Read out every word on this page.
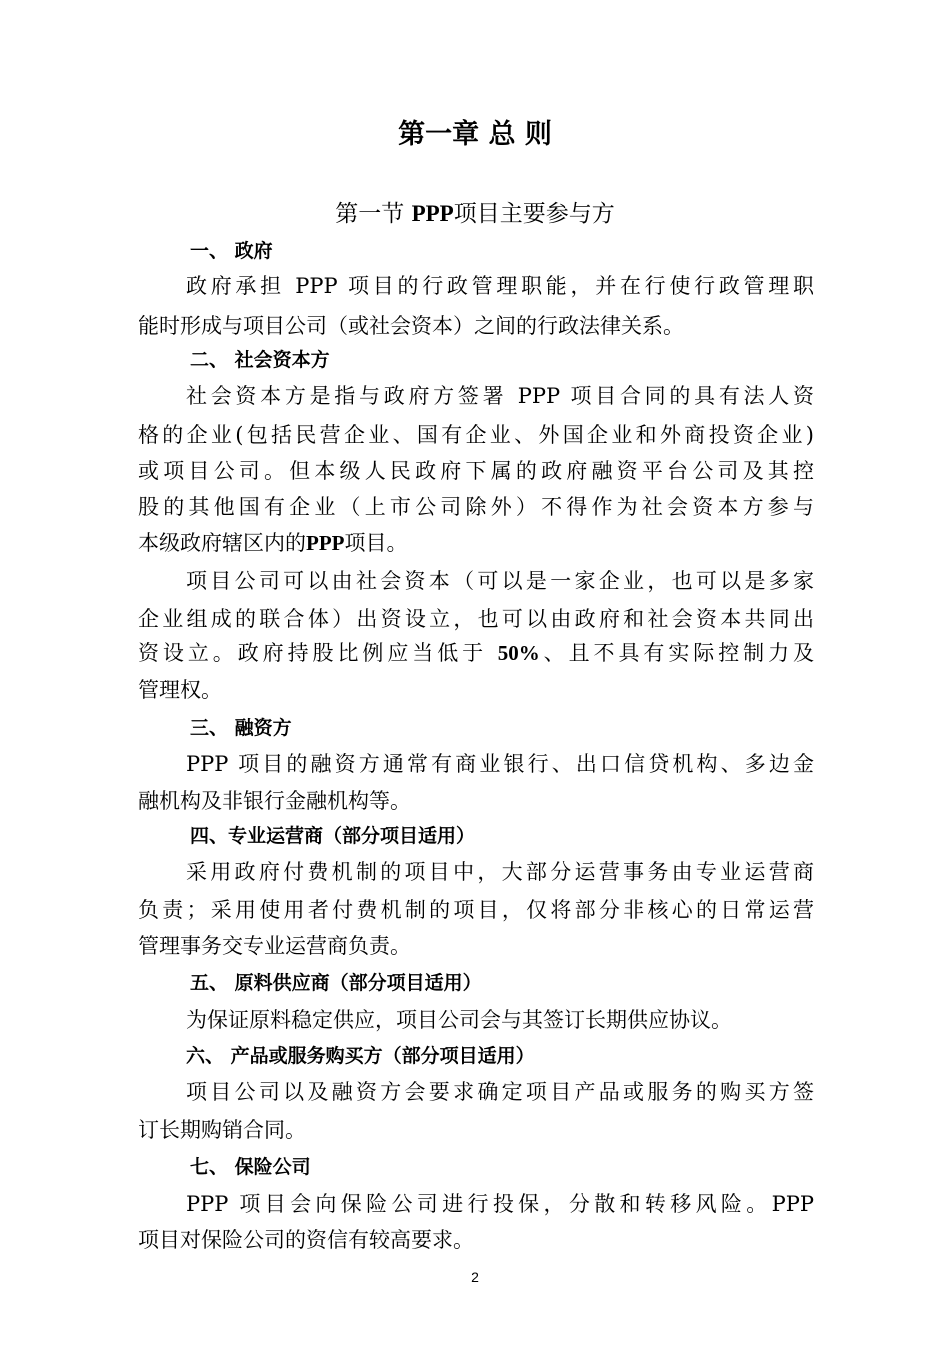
第一章 总 则
第一节 PPP项目主要参与方
一、 政府
政府承担 PPP 项目的行政管理职能，并在行使行政管理职
能时形成与项目公司（或社会资本）之间的行政法律关系。
二、 社会资本方
社会资本方是指与政府方签署 PPP 项目合同的具有法人资
格的企业(包括民营企业、国有企业、外国企业和外商投资企业)
或项目公司。但本级人民政府下属的政府融资平台公司及其控
股的其他国有企业（上市公司除外）不得作为社会资本方参与
本级政府辖区内的PPP项目。
项目公司可以由社会资本（可以是一家企业，也可以是多家
企业组成的联合体）出资设立，也可以由政府和社会资本共同出
资设立。政府持股比例应当低于 50%、且不具有实际控制力及
管理权。
三、 融资方
PPP 项目的融资方通常有商业银行、出口信贷机构、多边金
融机构及非银行金融机构等。
四、专业运营商（部分项目适用）
采用政府付费机制的项目中，大部分运营事务由专业运营商
负责；采用使用者付费机制的项目，仅将部分非核心的日常运营
管理事务交专业运营商负责。
五、 原料供应商（部分项目适用）
为保证原料稳定供应，项目公司会与其签订长期供应协议。
六、 产品或服务购买方（部分项目适用）
项目公司以及融资方会要求确定项目产品或服务的购买方签
订长期购销合同。
七、 保险公司
PPP 项目会向保险公司进行投保，分散和转移风险。PPP
项目对保险公司的资信有较高要求。
2
